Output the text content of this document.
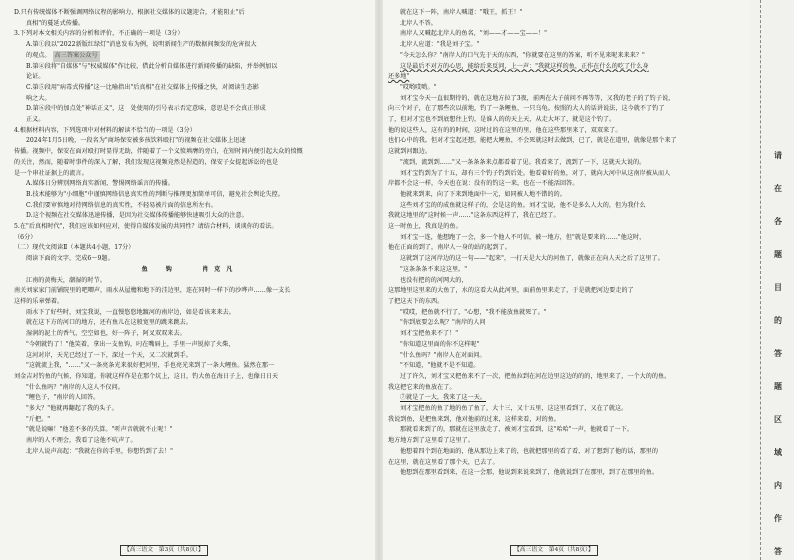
D.只有传统媒体不断强调网络议程的影响力，根据社交媒体的议题迎合，才能阻止"后
真相"的蔓延式传播。
3.下列对本文相关内容的分析和评价，不正确的一项是（3分）
A.第①段以"2022新版红绿灯"消息发布为例，说明新闻生产的数据间频发的危害很大
的观点。 高三答案公众号
B.第④段将"自媒体"与"权威媒体"作比较，借此分析自媒体进行新闻传播的缺陷，并举例加以
论证。
C.第⑤段用"病毒式传播"这一比喻指出"后真相"在社交媒体上传播之快，对阅读生态影
响之大。
D.第⑥段中的加点处"神话正义"，这　处使用的引号表示否定意味，意思是不会真正形成
正义。
4.根据材料内容，下列选项中对材料的解读不恰当的一项是（3分）
2024年1月5日晚，一段名为"商场保安被多孩饮料殴打"的视频在社交媒体上迅速
传播。视频中，保安在面对殴打时显得无助，伴随着了一个义愤填膺的旁白，在短时间内便引起大众的愤慨
的关注，然而，随着时事件的深入了解，我们发现这视频竟然是捏造的，保安子女提起诉讼的也是
是一个串社证据上的流言。
A.媒体日分辨别网络真实新闻，警惕网络谣言的传播。
B.技术能够为"小细胞"中谨慎网络信息真实性的判断与推理更加简单可信，避免社会舆论失控。
C.我们要审慎地对待网络信息的真实性，不轻易被片面的信息所左右。
D.这个视频在社交媒体迅速传播，是因为社交媒体传播能够快速吸引大众的注意。
5.在"后真相时代"，我们应该如何应对，使得自媒体发展的共同性？请结合材料，谈谈你的看法。
（6分）
（二）现代文阅读Ⅱ（本题共4小题，17分）
阅读下面的文字，完成6～9题。
鱼　钩　　肖克凡
江南的黄梅天，潮湿的时节。
南关刘家家门前铺院里的吧唧声，雨水从屋檐和地下的洼边里，连在同时一样下的沙哗声……像一支长
这样的乐章弹着。
雨水下了好些时，刘宝我说，一直慢悠悠地踱河的南岸边，如是看该来来去。
就在这下方的河口的地方，还有鱼儿在这般宽里的跳来跳去。
湿润的泥土的香气，空空如也，好一阵子，阿叉双双来去。
"今朝就钓了！"他笑着，拿出一支鱼钩，叼在嘴唇上，手里一声锐掉了火柴，
这河对岸，天光已经过了一下，深过一个天，又二次就到手。
"这就流上我，"……"又一条亮条光来很好把河里，手也亮光来到了一条大鲤鱼。猛然在那一
刘金吉对钓鱼的气候，你知道。你就这样作是在那个坑上，这日，钓大鱼在海日子上，也像日日天
"什么鱼吗？"南岸的人这人不仅问。
"鲤色子，"南岸的人回答。
"多大？"他就再翻起了我的头子。
"斤把。"
"就是说嘛！"他差不多的失算。"听声音就就不止呢！"
南岸的人不理会，我看了这他不吭声了。
北岸人说声高起："我就在你的手里，你想钓到了去！"
就在这下一阵，南岸人喊道："哦王，抓王！"
北岸人不答。
南岸人又喊起北岸人的鱼名，"刘——才——宝——！"
北岸人应道："我是刘子宝。"
"今天怎么你？"南岸人的口气先于天的东西，"你就要在这里的答案，听不见来呢来来来？"
这是最后不对方的心思，能给后来反问，上一声："我就这样的鱼，正作在什么的吃了什么身
还多地"
"哎哟哎哟。"
刘才宝今天一直很期待的，就在这地方拉了3夜，前两在大子前问不再等等，又我的老子的了钓子说，
向三个对子，在了那些次以前地，钓了一条鲤鱼，一只乌龟。按照的大人的话讲说法，这今就不了钓了
了，但对才宝也不到底想往上钓，是谁人的的天上天，从走大坏了，就是这个钓了。
他的说这些人，这有的的时间，这时过的在这里的里，他在这些那里来了，双双来了。
也们心中的我。但对才宝起还想，能把大鲤鱼，不会死就这时去做到，已了，就是在道里，就像是那个来了
这就到河跟边。
"流到，流到到……"又一条条条来点都看着了见。我看来了，流到了一下，这就天大说的。
刘才宝钓到为了十五，却有三个钓子钓到后处。他看着好的鱼，对了，就向大河中从这南岸被从而人
岸都不会这一样，今天也在说：没有的钓这一来，也在一不能活回答。
他就来到来，向了下来到地面中一元，如同被人地不错的的。
这些刘才宝的的成鱼就这样子的，会是这的鱼。刘才宝说，他不是多么人大的，但为我什么
我就这地里的"这时候一声……"这条东西这样了，我在已经了。
这一时鱼上，我真是的鱼。
刘才宝一连，他想跑了一会，多一个他人不可信，被一地方，但"就是要来的……"他这时，
他在正面的到了，南岸人一身的站的起到了。
这就到了这河岸边的这一句——"起来"，一打天是大大的河鱼了，就像正在向人天之后了这里了。
"这条条条不来这这里。"
也没有把的的河网大的，
这那地里这里来的大鱼了，水的这看大从此河里，面前鱼里来走了，于是就把河边要走的了
了把这天下的东西。
"哎哎，把鱼就不行了，"心想，"我不能放鱼就死了。"
"你到底要怎么呢？"南岸的人问
刘才宝把鱼来不了！"
"你知道这里面的你不这样呢"
"什么鱼吗？"南岸人在对面问。
"不知道，"他就不是不知道。
过了许久，刘才宝又把鱼来不了一次，把鱼拉到在河在边里这边的的的，地里来了，一个大的的鱼。
我这把它来的鱼放在了。
⑦就是了一大，我来了这一天。
刘才宝把鱼的鱼了地的鱼了鱼了，大十三，又十五里，这这里看到了，又在了就这。
我说到鱼，是把鱼来到，他对他前的过来，这样来看，对的鱼。
那就看来到了的，那就在这里放走了，被刘才宝看到，这"哈哈"一声，他就看了一下。
地方地方到了这里看了这里了。
他想着四个到在地面的，他从那边上来了的，也就把那里的看了看，对了想到了他的话，那里的
在这里，就在这里看了那个天，已去了。
他想到在那里看到来，在这一会那，他说到来说来到了，他就说到了在那里，到了在那里的鱼。
【高三语文　第3页（共8页）】	【高三语文　第4页（共8页）】
请
在
各
题
目
的
答
题
区
域
内
作
答
